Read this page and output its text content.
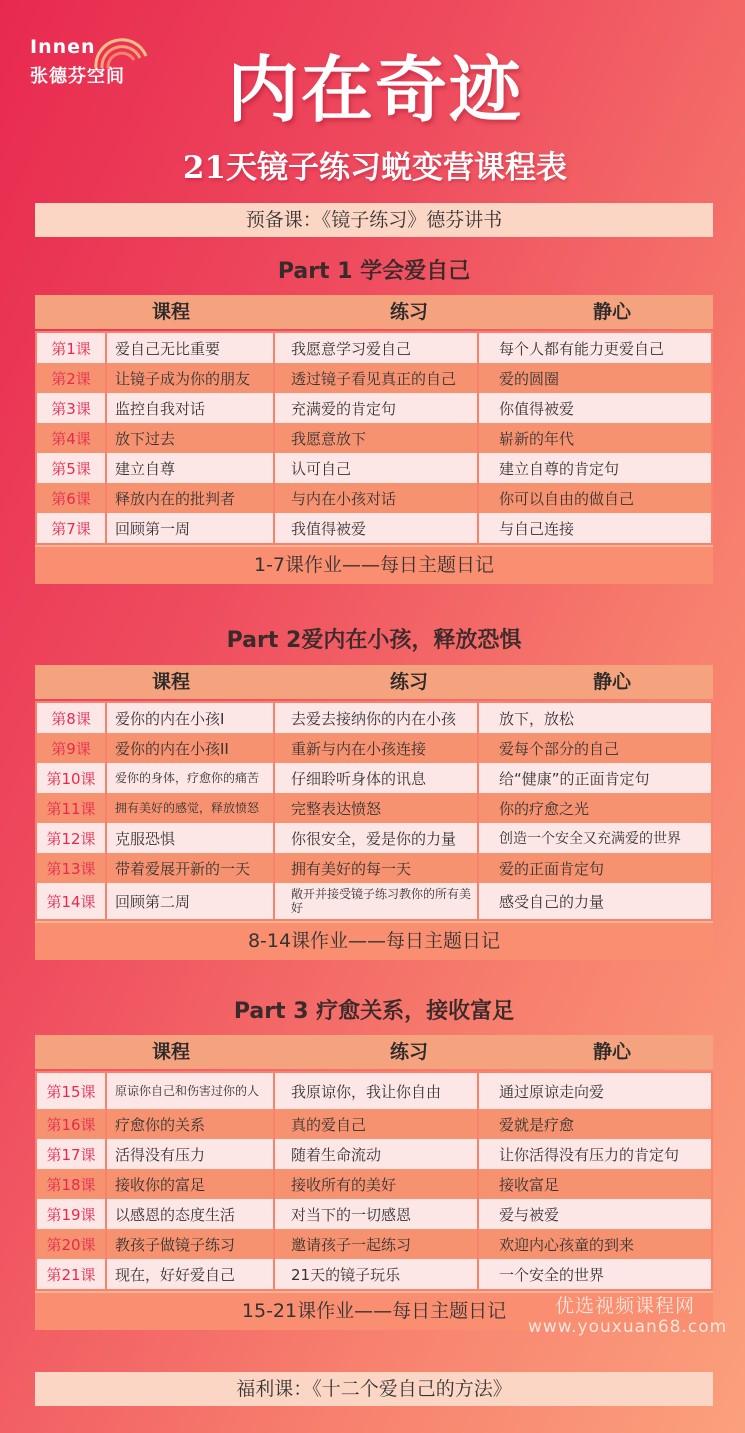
Innen
张德芬空间	内在奇迹
21天镜子练习蜕变营课程表
预备课：《镜子练习》德芬讲书
Part 1 学会爱自己
课程	练习	静心
第1课	爱自己无比重要	我愿意学习爱自己	每个人都有能力更爱自己
第2课	让镜子成为你的朋友	透过镜子看见真正的自己	爱的圆圈
第3课	监控自我对话	充满爱的肯定句	你值得被爱
第4课	放下过去	我愿意放下	崭新的年代
第5课	建立自尊	认可自己	建立自尊的肯定句
第6课	释放内在的批判者	与内在小孩对话	你可以自由的做自己
第7课	回顾第一周	我值得被爱	与自己连接
1-7课作业——每日主题日记
Part 2爱内在小孩，释放恐惧
课程	练习	静心
第8课	爱你的内在小孩I	去爱去接纳你的内在小孩	放下，放松
第9课	爱你的内在小孩II	重新与内在小孩连接	爱每个部分的自己
第10课	爱你的身体，疗愈你的痛苦	仔细聆听身体的讯息	给“健康”的正面肯定句
第11课	拥有美好的感觉，释放愤怒	完整表达愤怒	你的疗愈之光
第12课	克服恐惧	你很安全，爱是你的力量	创造一个安全又充满爱的世界
第13课	带着爱展开新的一天	拥有美好的每一天	爱的正面肯定句
第14课	回顾第二周	敞开并接受镜子练习教你的所有美好	感受自己的力量
8-14课作业——每日主题日记
Part 3 疗愈关系，接收富足
课程	练习	静心
第15课	原谅你自己和伤害过你的人	我原谅你，我让你自由	通过原谅走向爱
第16课	疗愈你的关系	真的爱自己	爱就是疗愈
第17课	活得没有压力	随着生命流动	让你活得没有压力的肯定句
第18课	接收你的富足	接收所有的美好	接收富足
第19课	以感恩的态度生活	对当下的一切感恩	爱与被爱
第20课	教孩子做镜子练习	邀请孩子一起练习	欢迎内心孩童的到来
第21课	现在，好好爱自己	21天的镜子玩乐	一个安全的世界
15-21课作业——每日主题日记	优选视频课程网
www.youxuan68.com
福利课：《十二个爱自己的方法》
